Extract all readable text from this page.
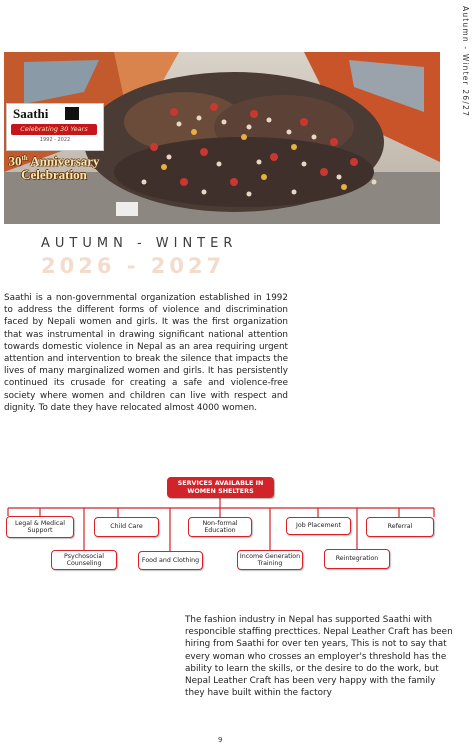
Autumn - Winter 26/27
Saathi
Celebrating 30 Years
1992 - 2022
30th Anniversary
Celebration
AUTUMN - WINTER
2026 - 2027

Saathi is a non-governmental organization established in 1992 to address the different forms of violence and discrimination faced by Nepali women and girls. It was the first organization that was instrumental in drawing significant national attention towards domestic violence in Nepal as an area requiring urgent attention and intervention to break the silence that impacts the lives of many marginalized women and girls. It has persistently continued its crusade for creating a safe and violence-free society where women and children can live with respect and dignity. To date they have relocated almost 4000 women.

SERVICES AVAILABLE IN WOMEN SHELTERS
Legal & Medical Support
Child Care
Non-formal Education
Job Placement	Referral
Psychosocial Counseling	Food and Clothing
Income Generation Training
Reintegration

The fashion industry in Nepal has supported Saathi with responcible staffing precttices. Nepal Leather Craft has been hiring from Saathi for over ten years, This is not to say that every woman who crosses an employer's threshold has the ability to learn the skills, or the desire to do the work, but Nepal Leather Craft has been very happy with the family they have built within the factory

9
